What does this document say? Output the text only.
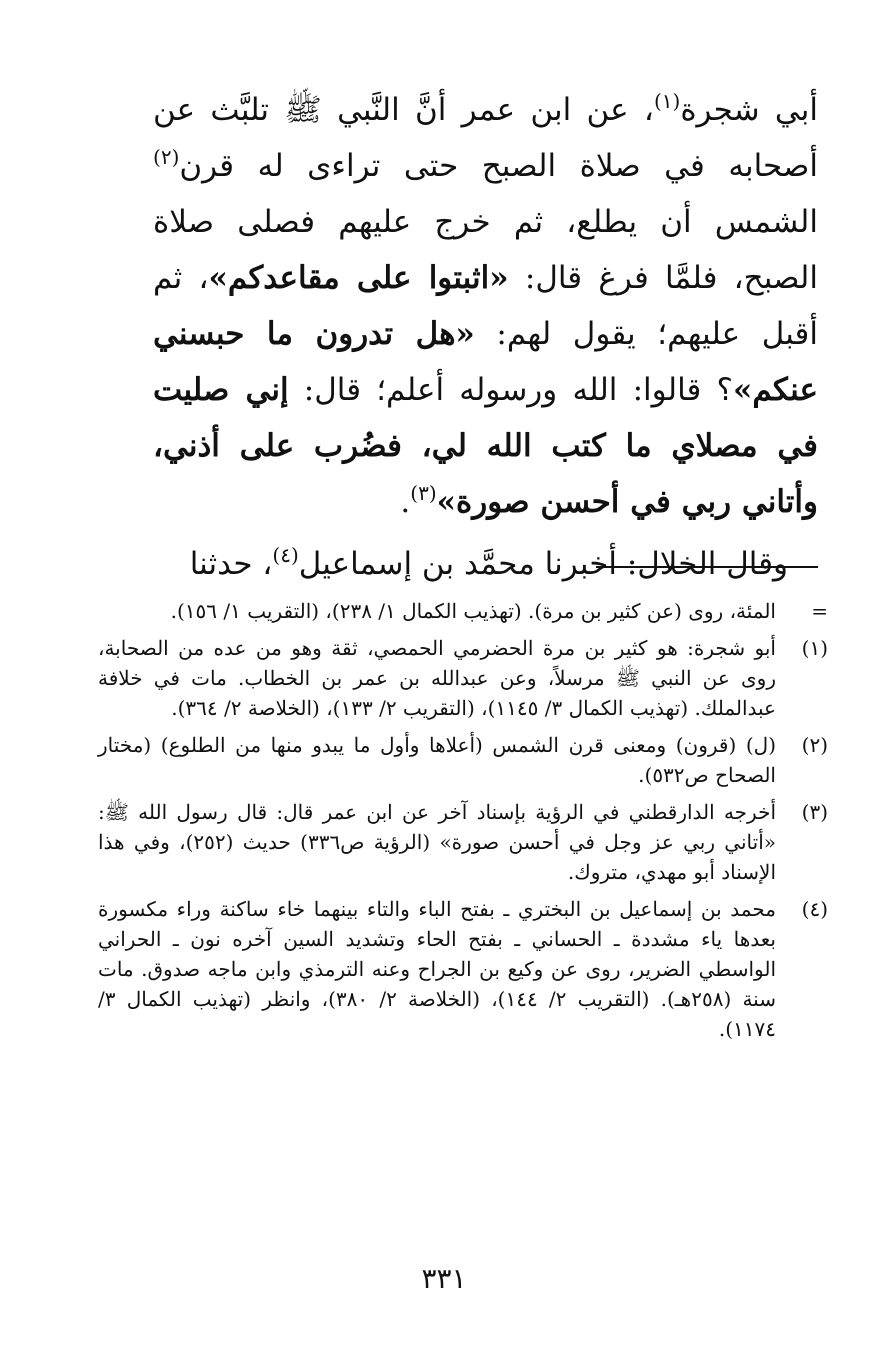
أبي شجرة$^{(١)}$، عن ابن عمر أنَّ النَّبي ﷺ تلبَّث عن أصحابه في صلاة الصبح حتى تراءى له قرن$^{(٢)}$ الشمس أن يطلع، ثم خرج عليهم فصلى صلاة الصبح، فلمَّا فرغ قال: «اثبتوا على مقاعدكم»، ثم أقبل عليهم؛ يقول لهم: «هل تدرون ما حبسني عنكم»؟ قالوا: الله ورسوله أعلم؛ قال: إني صليت في مصلاي ما كتب الله لي، فضُرب على أذني، وأتاني ربي في أحسن صورة»$^{(٣)}$.

وقال الخلال: أخبرنا محمَّد بن إسماعيل$^{(٤)}$، حدثنا

=
المئة، روى (عن كثير بن مرة). (تهذيب الكمال ١/ ٢٣٨)، (التقريب ١/ ١٥٦).
(١)
أبو شجرة: هو كثير بن مرة الحضرمي الحمصي، ثقة وهو من عده من الصحابة، روى عن النبي ﷺ مرسلاً، وعن عبدالله بن عمر بن الخطاب. مات في خلافة عبدالملك. (تهذيب الكمال ٣/ ١١٤٥)، (التقريب ٢/ ١٣٣)، (الخلاصة ٢/ ٣٦٤).
(٢)
(ل) (قرون) ومعنى قرن الشمس (أعلاها وأول ما يبدو منها من الطلوع) (مختار الصحاح ص٥٣٢).
(٣)
أخرجه الدارقطني في الرؤية بإسناد آخر عن ابن عمر قال: قال رسول الله ﷺ: «أتاني ربي عز وجل في أحسن صورة» (الرؤية ص٣٣٦) حديث (٢٥٢)، وفي هذا الإسناد أبو مهدي، متروك.
(٤)
محمد بن إسماعيل بن البختري ـ بفتح الباء والتاء بينهما خاء ساكنة وراء مكسورة بعدها ياء مشددة ـ الحساني ـ بفتح الحاء وتشديد السين آخره نون ـ الحراني الواسطي الضرير، روى عن وكيع بن الجراح وعنه الترمذي وابن ماجه صدوق. مات سنة (٢٥٨هـ). (التقريب ٢/ ١٤٤)، (الخلاصة ٢/ ٣٨٠)، وانظر (تهذيب الكمال ٣/ ١١٧٤).
٣٣١
